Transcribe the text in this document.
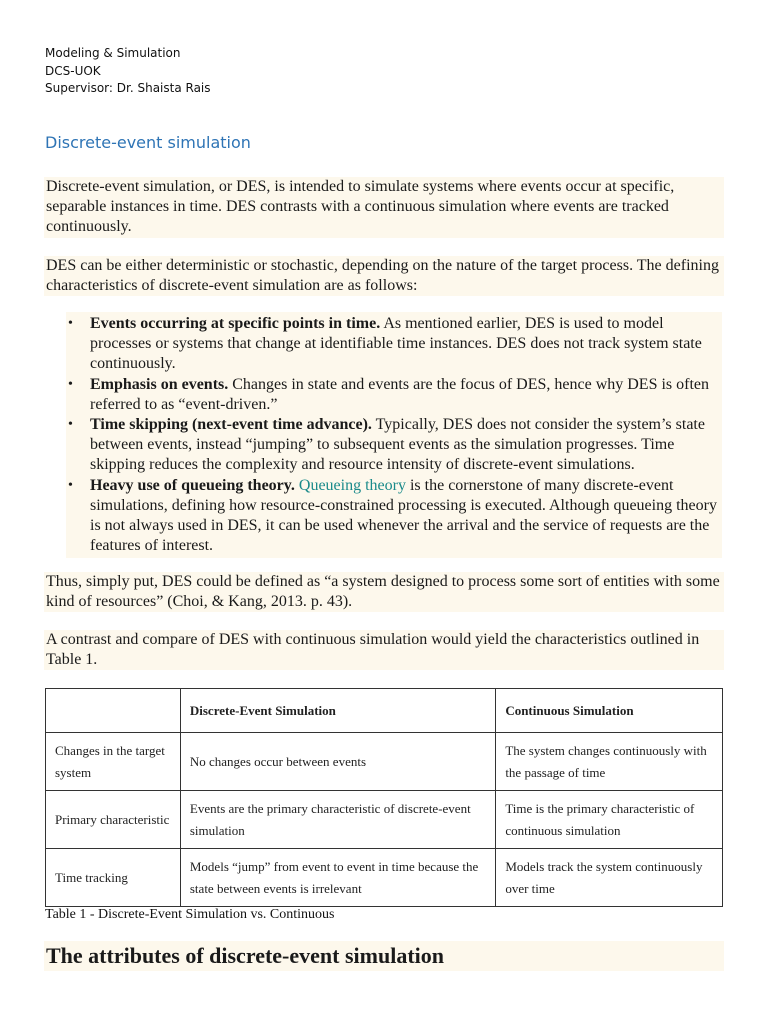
Modeling & Simulation
DCS-UOK
Supervisor: Dr. Shaista Rais
Discrete-event simulation
Discrete-event simulation, or DES, is intended to simulate systems where events occur at specific, separable instances in time. DES contrasts with a continuous simulation where events are tracked continuously.
DES can be either deterministic or stochastic, depending on the nature of the target process. The defining characteristics of discrete-event simulation are as follows:
• Events occurring at specific points in time. As mentioned earlier, DES is used to model processes or systems that change at identifiable time instances. DES does not track system state continuously.
• Emphasis on events. Changes in state and events are the focus of DES, hence why DES is often referred to as “event-driven.”
• Time skipping (next-event time advance). Typically, DES does not consider the system’s state between events, instead “jumping” to subsequent events as the simulation progresses. Time skipping reduces the complexity and resource intensity of discrete-event simulations.
• Heavy use of queueing theory. Queueing theory is the cornerstone of many discrete-event simulations, defining how resource-constrained processing is executed. Although queueing theory is not always used in DES, it can be used whenever the arrival and the service of requests are the features of interest.
Thus, simply put, DES could be defined as “a system designed to process some sort of entities with some kind of resources” (Choi, & Kang, 2013. p. 43).
A contrast and compare of DES with continuous simulation would yield the characteristics outlined in Table 1.
	Discrete-Event Simulation	Continuous Simulation
Changes in the target system	No changes occur between events	The system changes continuously with the passage of time
Primary characteristic	Events are the primary characteristic of discrete-event simulation	Time is the primary characteristic of continuous simulation
Time tracking	Models “jump” from event to event in time because the state between events is irrelevant	Models track the system continuously over time
Table 1 - Discrete-Event Simulation vs. Continuous
The attributes of discrete-event simulation
